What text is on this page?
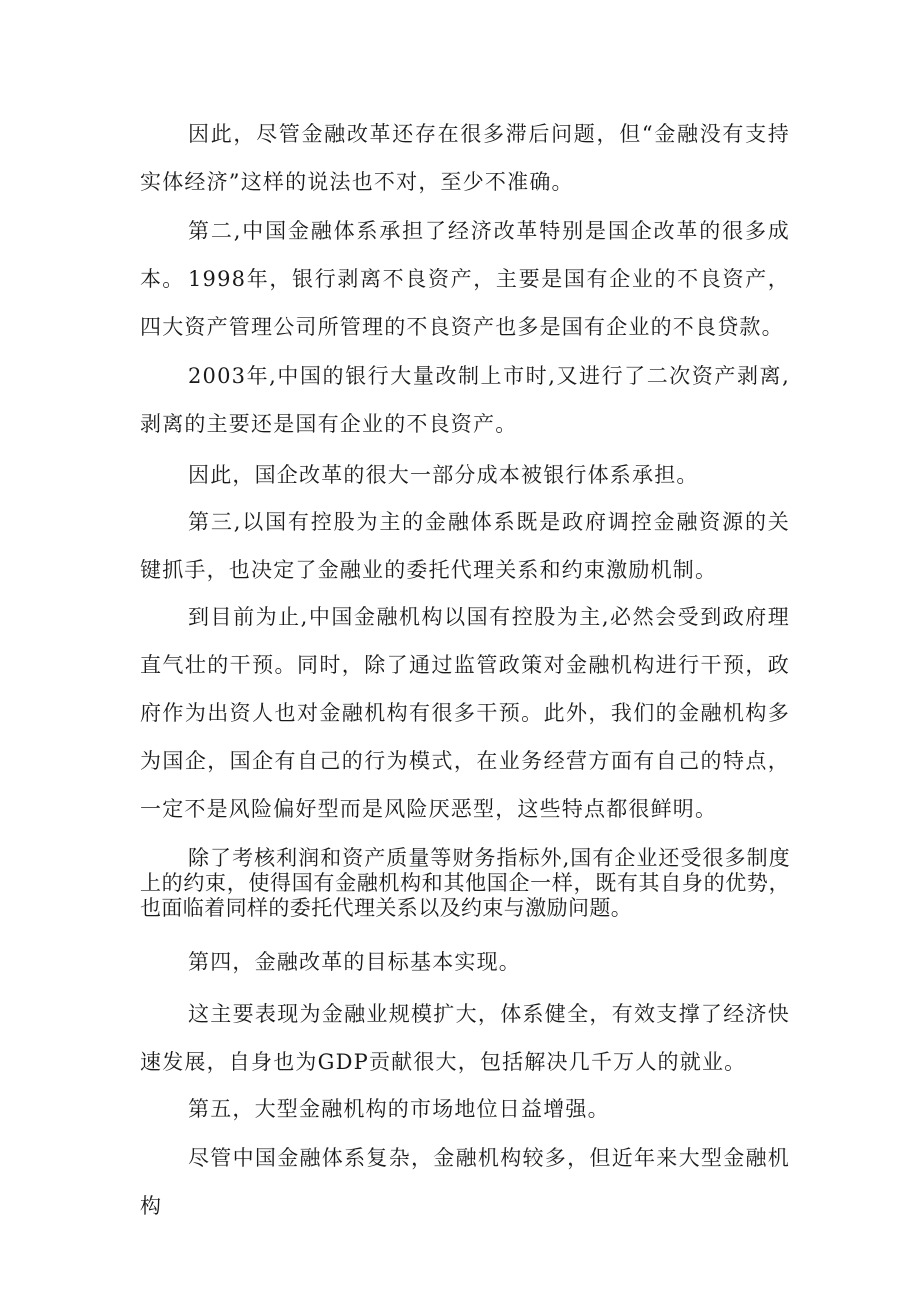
因此，尽管金融改革还存在很多滞后问题，但“金融没有支持实体经济”这样的说法也不对，至少不准确。

第二,中国金融体系承担了经济改革特别是国企改革的很多成本。 1998年，银行剥离不良资产，主要是国有企业的不良资产，四大资产管理公司所管理的不良资产也多是国有企业的不良贷款。

2003年,中国的银行大量改制上市时,又进行了二次资产剥离,剥离的主要还是国有企业的不良资产。

因此，国企改革的很大一部分成本被银行体系承担。

第三,以国有控股为主的金融体系既是政府调控金融资源的关键抓手，也决定了金融业的委托代理关系和约束激励机制。

到目前为止,中国金融机构以国有控股为主,必然会受到政府理直气壮的干预。同时，除了通过监管政策对金融机构进行干预，政府作为出资人也对金融机构有很多干预。此外，我们的金融机构多为国企，国企有自己的行为模式，在业务经营方面有自己的特点，一定不是风险偏好型而是风险厌恶型，这些特点都很鲜明。

除了考核利润和资产质量等财务指标外,国有企业还受很多制度上的约束，使得国有金融机构和其他国企一样，既有其自身的优势，也面临着同样的委托代理关系以及约束与激励问题。

第四，金融改革的目标基本实现。

这主要表现为金融业规模扩大，体系健全，有效支撑了经济快速发展，自身也为GDP贡献很大，包括解决几千万人的就业。

第五，大型金融机构的市场地位日益增强。

尽管中国金融体系复杂，金融机构较多，但近年来大型金融机构
